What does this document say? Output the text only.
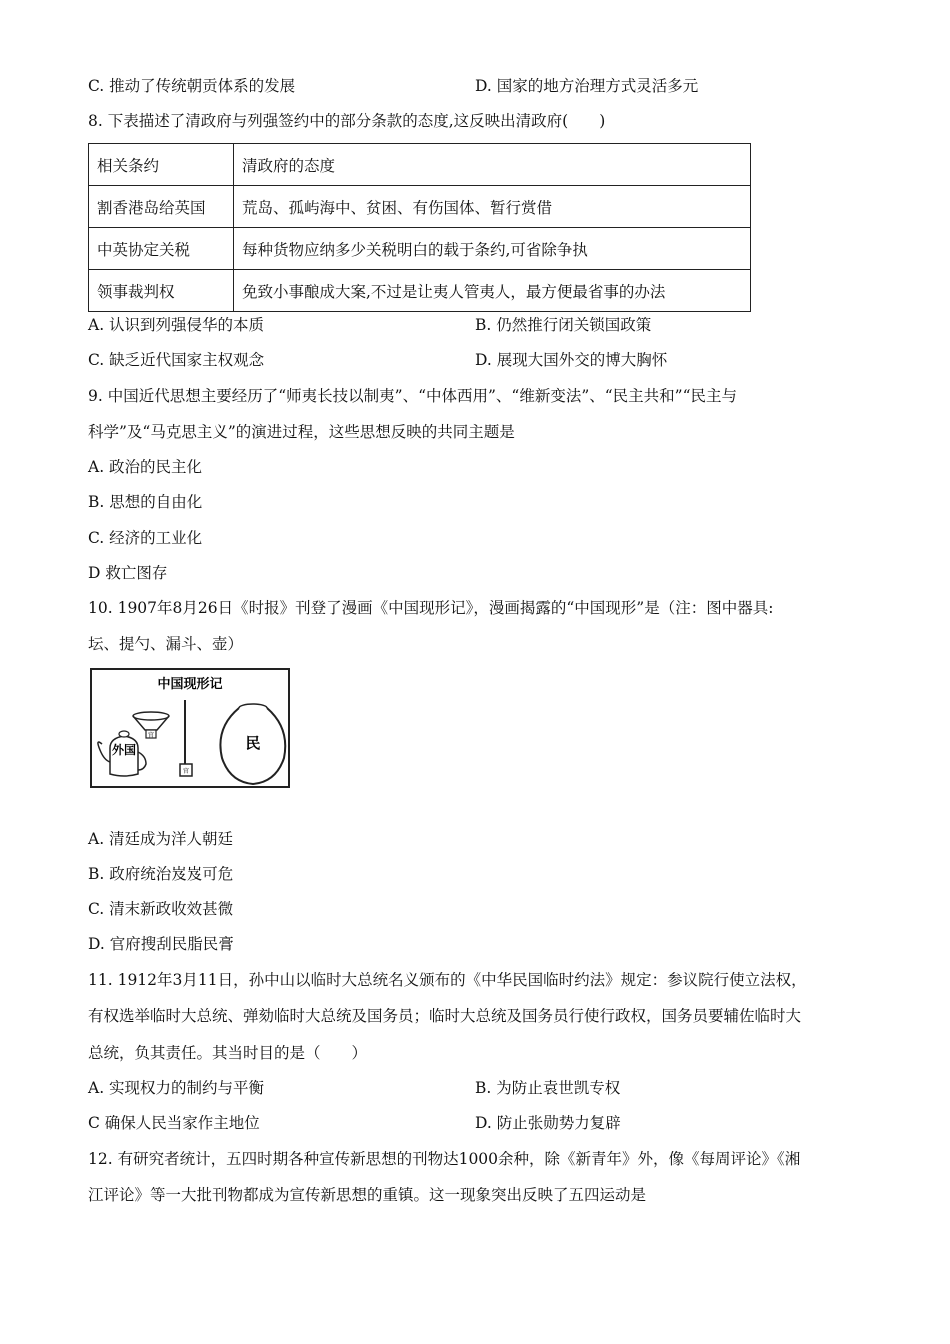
C. 推动了传统朝贡体系的发展	D. 国家的地方治理方式灵活多元
8. 下表描述了清政府与列强签约中的部分条款的态度,这反映出清政府(　　)
相关条约	清政府的态度
割香港岛给英国	荒岛、孤屿海中、贫困、有伤国体、暂行赏借
中英协定关税	每种货物应纳多少关税明白的载于条约,可省除争执
领事裁判权	免致小事酿成大案,不过是让夷人管夷人，最方便最省事的办法
A. 认识到列强侵华的本质	B. 仍然推行闭关锁国政策
C. 缺乏近代国家主权观念	D. 展现大国外交的博大胸怀
9. 中国近代思想主要经历了“师夷长技以制夷”、“中体西用”、“维新变法”、“民主共和”“民主与
科学”及“马克思主义”的演进过程，这些思想反映的共同主题是
A. 政治的民主化
B. 思想的自由化
C. 经济的工业化
D 救亡图存
10. 1907年8月26日《时报》刊登了漫画《中国现形记》，漫画揭露的“中国现形”是（注：图中器具:
坛、提勺、漏斗、壶）
中国现形记
官
官
外国	民
A. 清廷成为洋人朝廷
B. 政府统治岌岌可危
C. 清末新政收效甚微
D. 官府搜刮民脂民膏
11. 1912年3月11日，孙中山以临时大总统名义颁布的《中华民国临时约法》规定：参议院行使立法权，
有权选举临时大总统、弹劾临时大总统及国务员；临时大总统及国务员行使行政权，国务员要辅佐临时大
总统，负其责任。其当时目的是（　　）
A. 实现权力的制约与平衡	B. 为防止袁世凯专权
C 确保人民当家作主地位	D. 防止张勋势力复辟
12. 有研究者统计，五四时期各种宣传新思想的刊物达1000余种，除《新青年》外，像《每周评论》《湘
江评论》等一大批刊物都成为宣传新思想的重镇。这一现象突出反映了五四运动是
